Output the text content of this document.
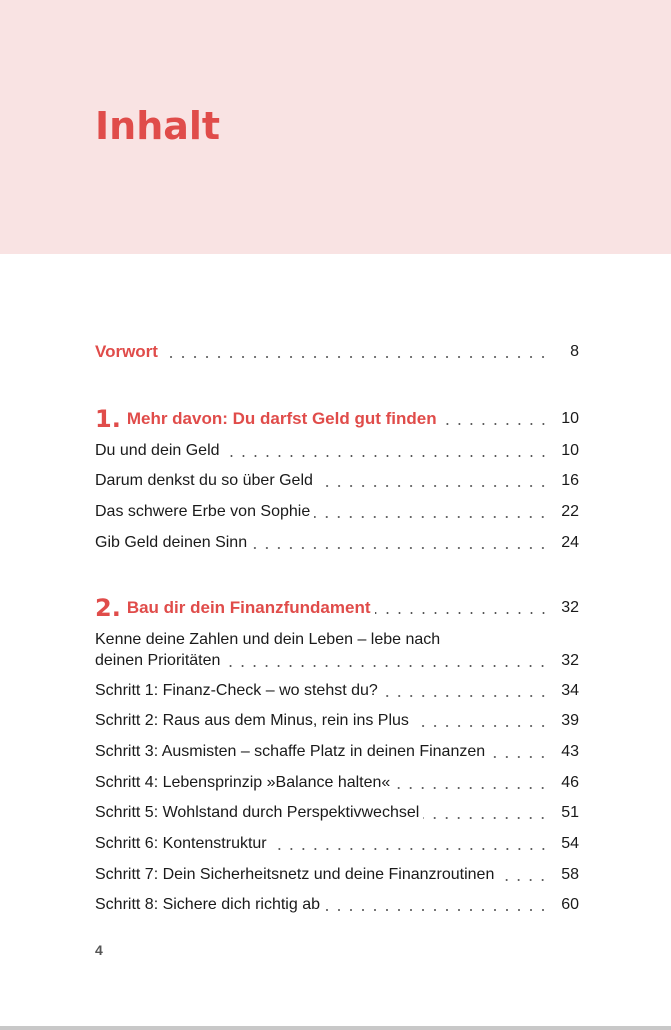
Inhalt
Vorwort	8
1. Mehr davon: Du darfst Geld gut finden	10
Du und dein Geld	10
Darum denkst du so über Geld	16
Das schwere Erbe von Sophie	22
Gib Geld deinen Sinn	24
2. Bau dir dein Finanzfundament	32
Kenne deine Zahlen und dein Leben – lebe nach
deinen Prioritäten	32
Schritt 1: Finanz-Check – wo stehst du?	34
Schritt 2: Raus aus dem Minus, rein ins Plus	39
Schritt 3: Ausmisten – schaffe Platz in deinen Finanzen	43
Schritt 4: Lebensprinzip »Balance halten«	46
Schritt 5: Wohlstand durch Perspektivwechsel	51
Schritt 6: Kontenstruktur	54
Schritt 7: Dein Sicherheitsnetz und deine Finanzroutinen	58
Schritt 8: Sichere dich richtig ab	60
4
